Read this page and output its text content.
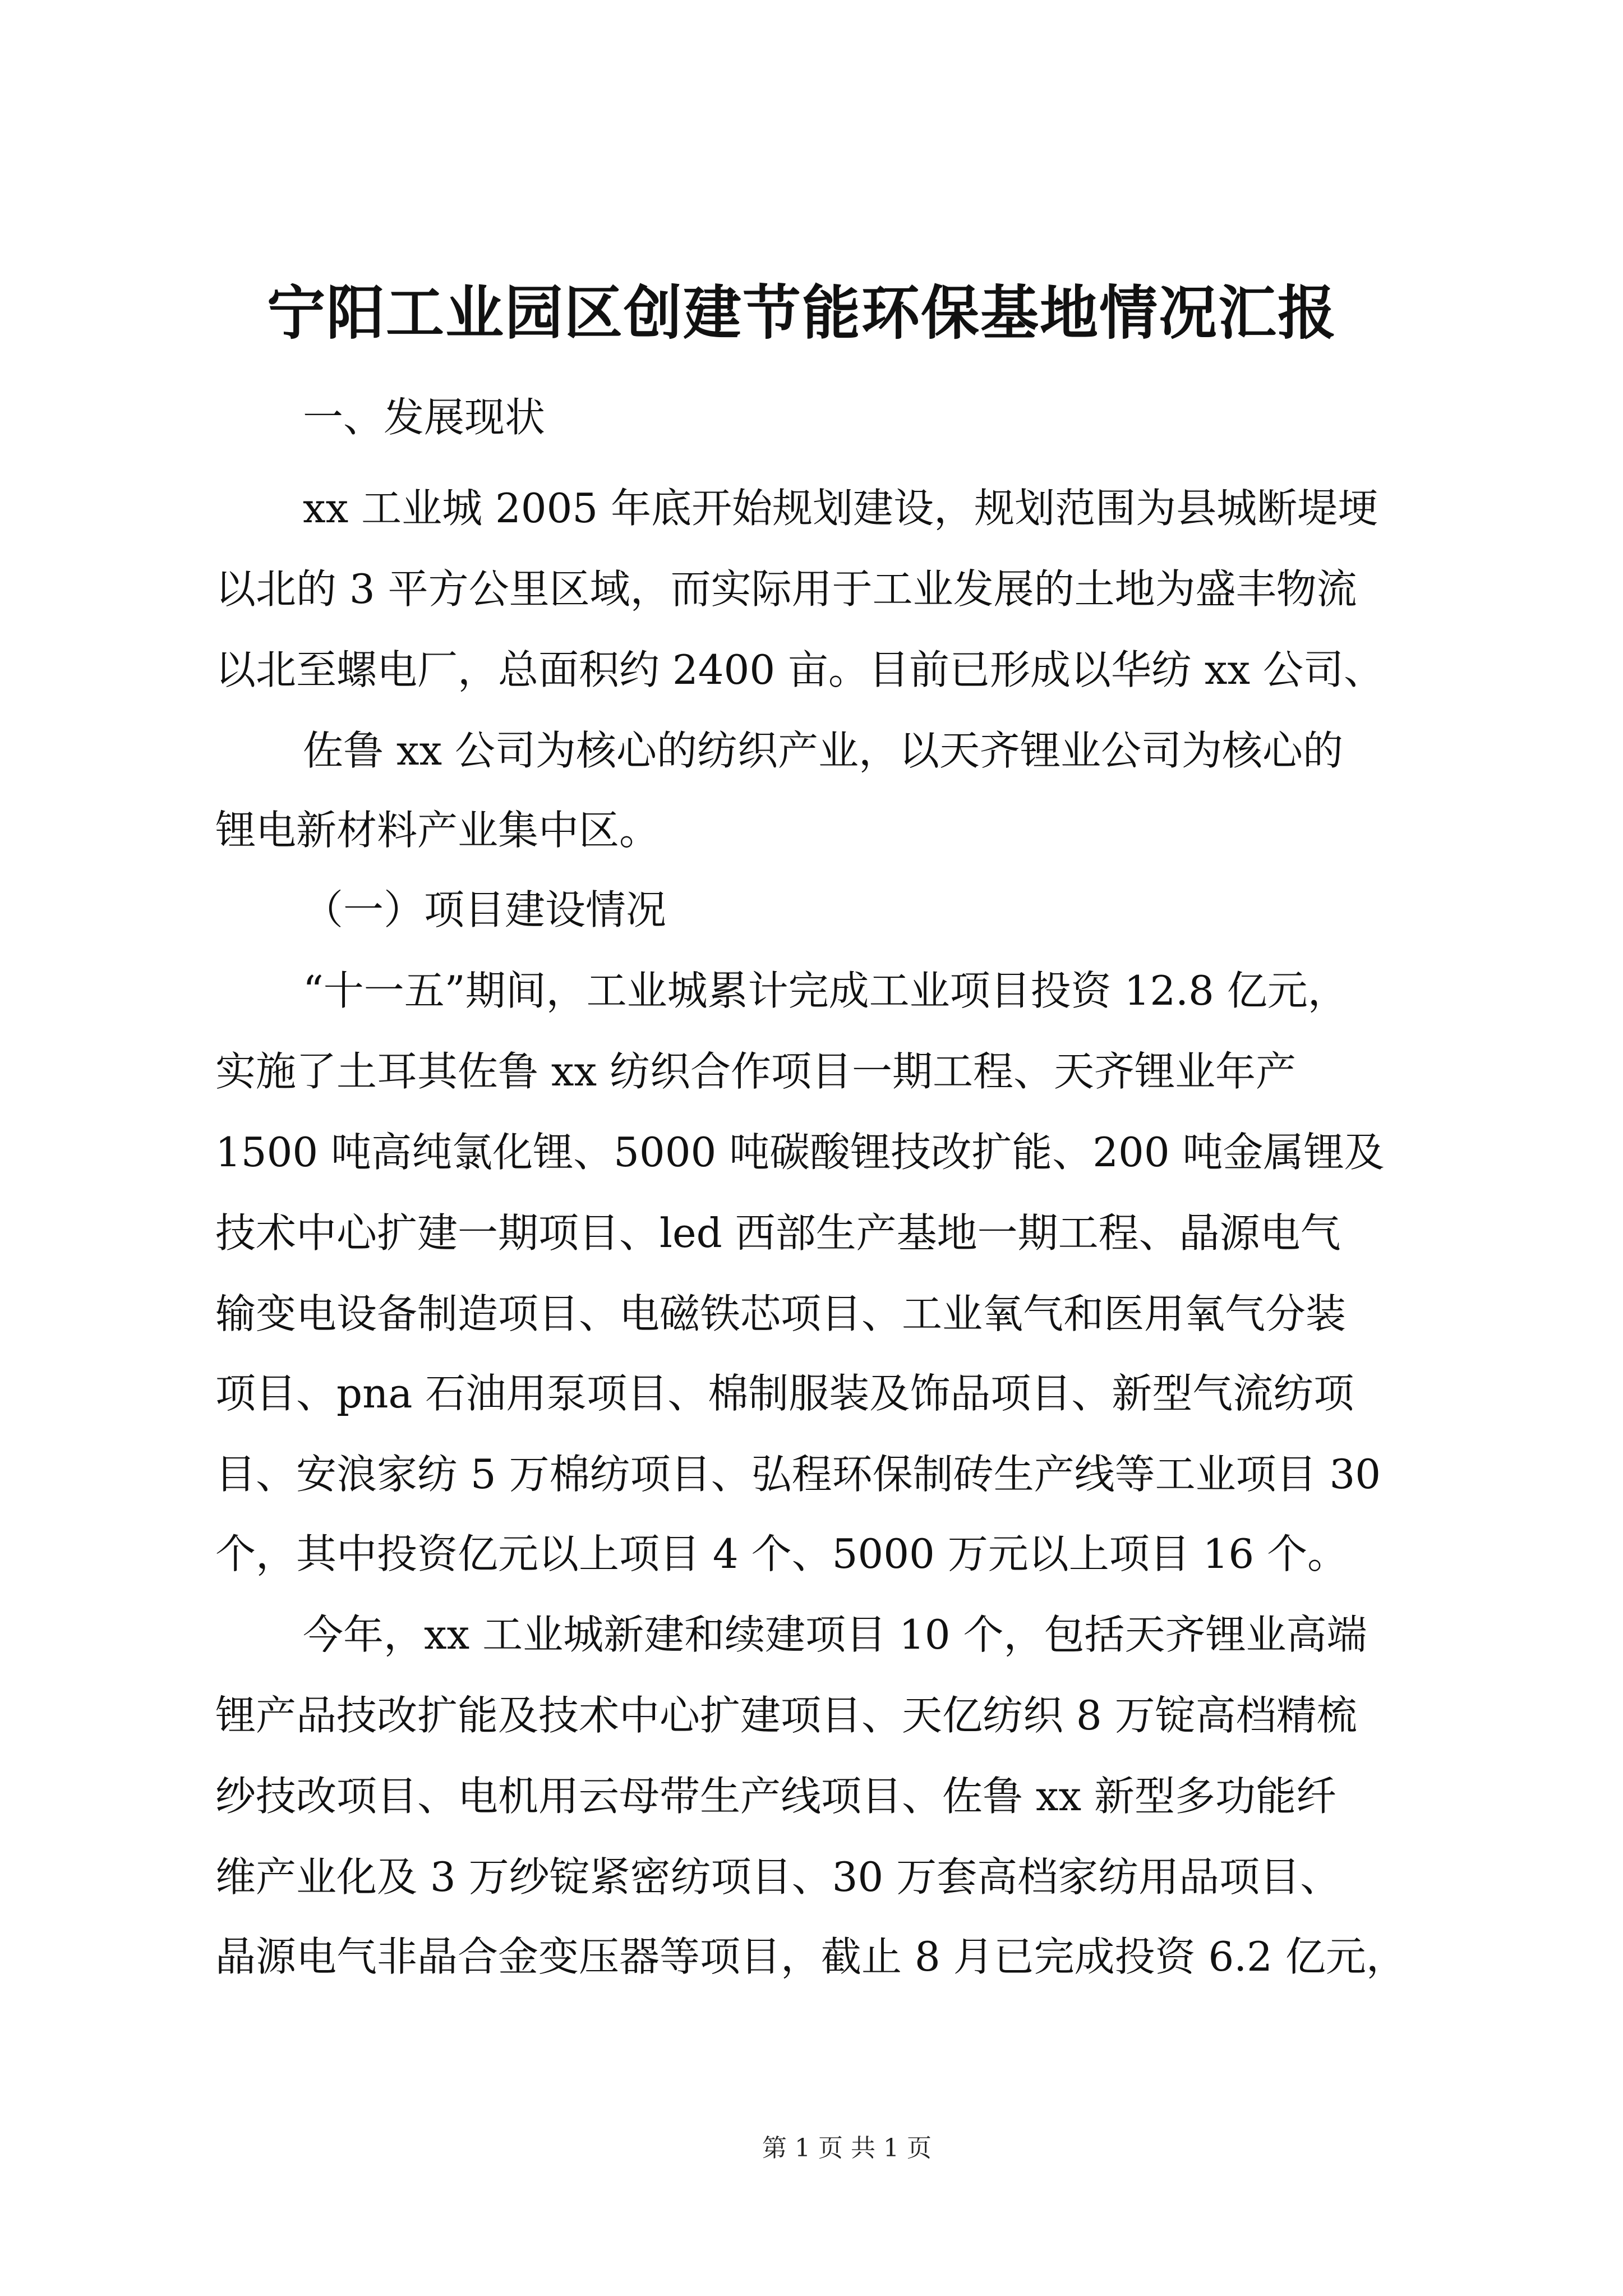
宁阳工业园区创建节能环保基地情况汇报
一、发展现状
xx 工业城 2005 年底开始规划建设，规划范围为县城断堤埂
以北的 3 平方公里区域，而实际用于工业发展的土地为盛丰物流
以北至螺电厂，总面积约 2400 亩。目前已形成以华纺 xx 公司、
佐鲁 xx 公司为核心的纺织产业，以天齐锂业公司为核心的
锂电新材料产业集中区。
（一）项目建设情况
“十一五”期间，工业城累计完成工业项目投资 12.8 亿元，
实施了土耳其佐鲁 xx 纺织合作项目一期工程、天齐锂业年产
1500 吨高纯氯化锂、5000 吨碳酸锂技改扩能、200 吨金属锂及
技术中心扩建一期项目、led 西部生产基地一期工程、晶源电气
输变电设备制造项目、电磁铁芯项目、工业氧气和医用氧气分装
项目、pna 石油用泵项目、棉制服装及饰品项目、新型气流纺项
目、安浪家纺 5 万棉纺项目、弘程环保制砖生产线等工业项目 30
个，其中投资亿元以上项目 4 个、5000 万元以上项目 16 个。
今年，xx 工业城新建和续建项目 10 个，包括天齐锂业高端
锂产品技改扩能及技术中心扩建项目、天亿纺织 8 万锭高档精梳
纱技改项目、电机用云母带生产线项目、佐鲁 xx 新型多功能纤
维产业化及 3 万纱锭紧密纺项目、30 万套高档家纺用品项目、
晶源电气非晶合金变压器等项目，截止 8 月已完成投资 6.2 亿元，
第 1 页 共 1 页
